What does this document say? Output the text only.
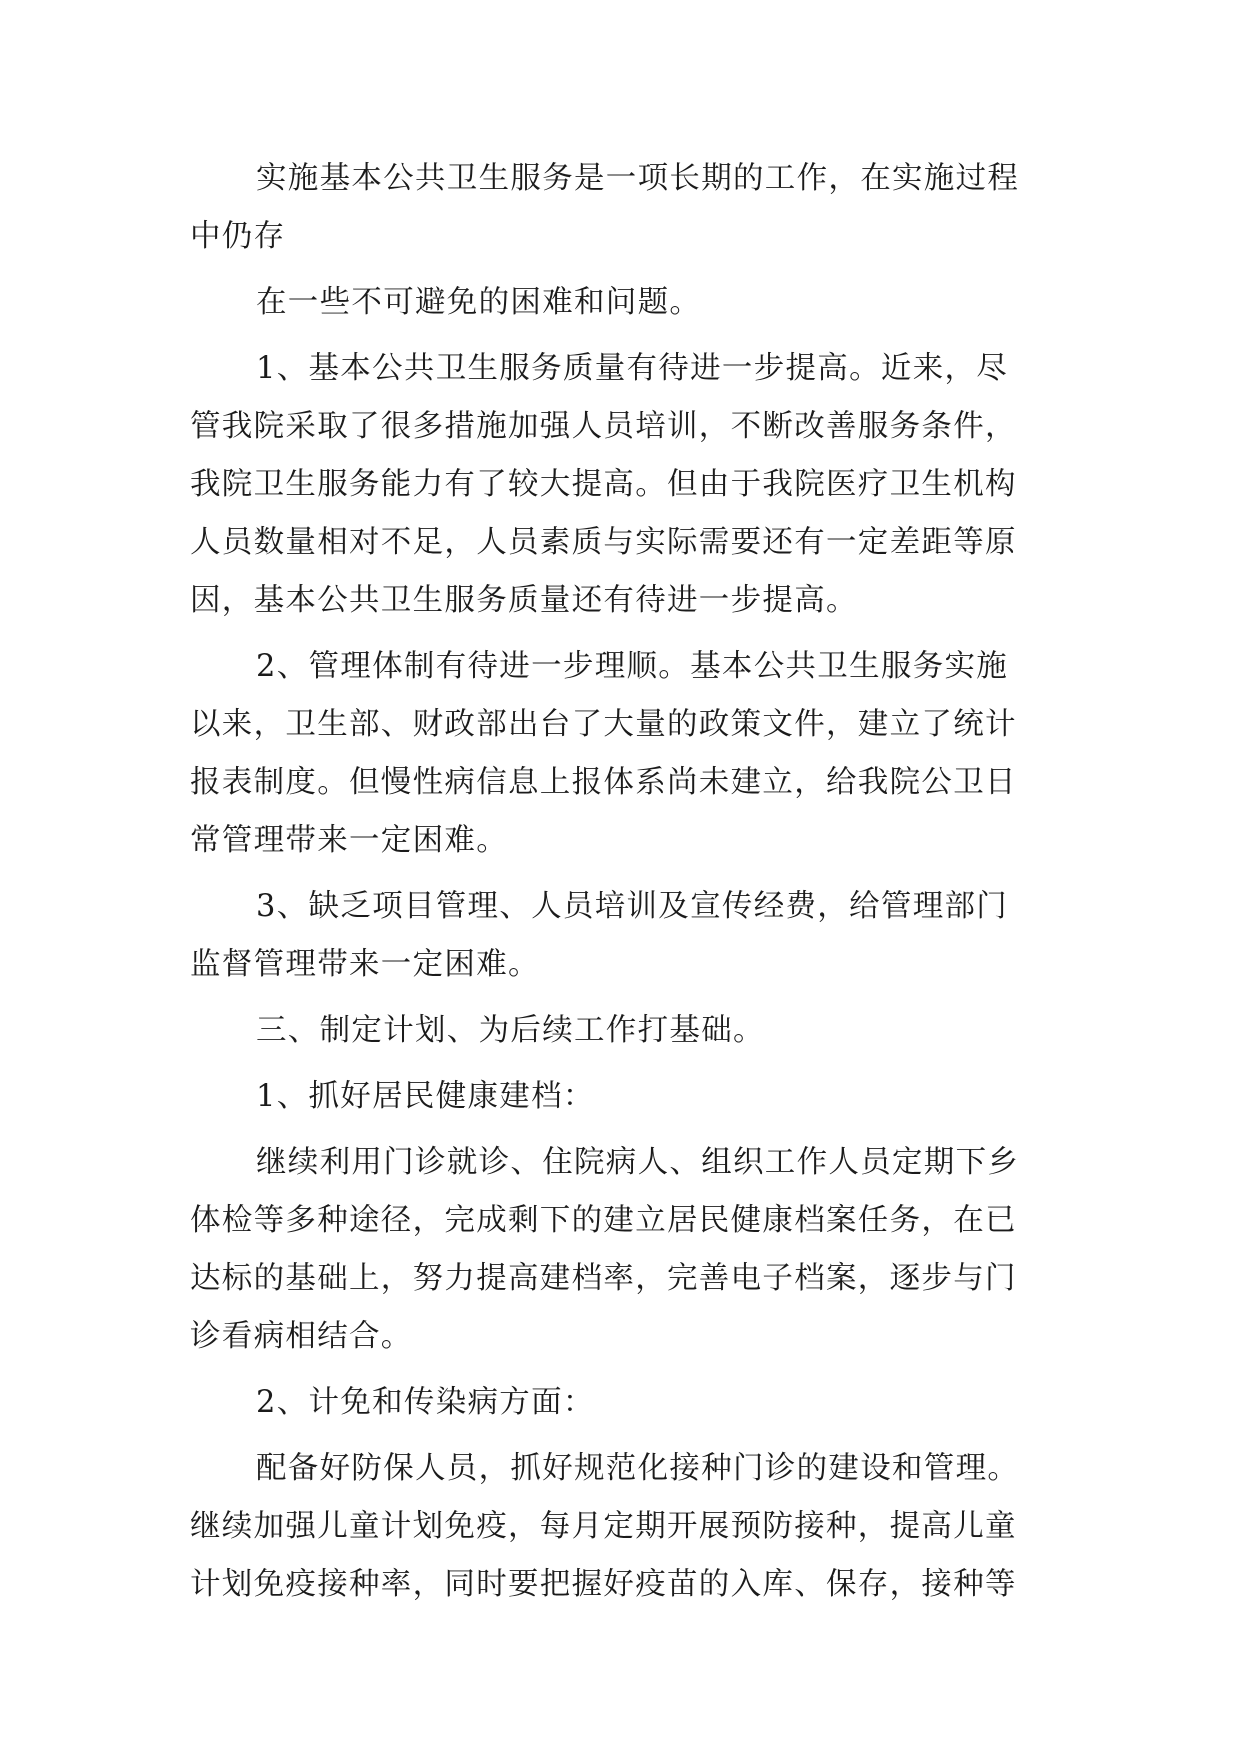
实施基本公共卫生服务是一项长期的工作，在实施过程
中仍存
在一些不可避免的困难和问题。
1、基本公共卫生服务质量有待进一步提高。近来，尽
管我院采取了很多措施加强人员培训，不断改善服务条件，
我院卫生服务能力有了较大提高。但由于我院医疗卫生机构
人员数量相对不足，人员素质与实际需要还有一定差距等原
因，基本公共卫生服务质量还有待进一步提高。
2、管理体制有待进一步理顺。基本公共卫生服务实施
以来，卫生部、财政部出台了大量的政策文件，建立了统计
报表制度。但慢性病信息上报体系尚未建立，给我院公卫日
常管理带来一定困难。
3、缺乏项目管理、人员培训及宣传经费，给管理部门
监督管理带来一定困难。
三、制定计划、为后续工作打基础。
1、抓好居民健康建档：
继续利用门诊就诊、住院病人、组织工作人员定期下乡
体检等多种途径，完成剩下的建立居民健康档案任务，在已
达标的基础上，努力提高建档率，完善电子档案，逐步与门
诊看病相结合。
2、计免和传染病方面：
配备好防保人员，抓好规范化接种门诊的建设和管理。
继续加强儿童计划免疫，每月定期开展预防接种，提高儿童
计划免疫接种率，同时要把握好疫苗的入库、保存，接种等
